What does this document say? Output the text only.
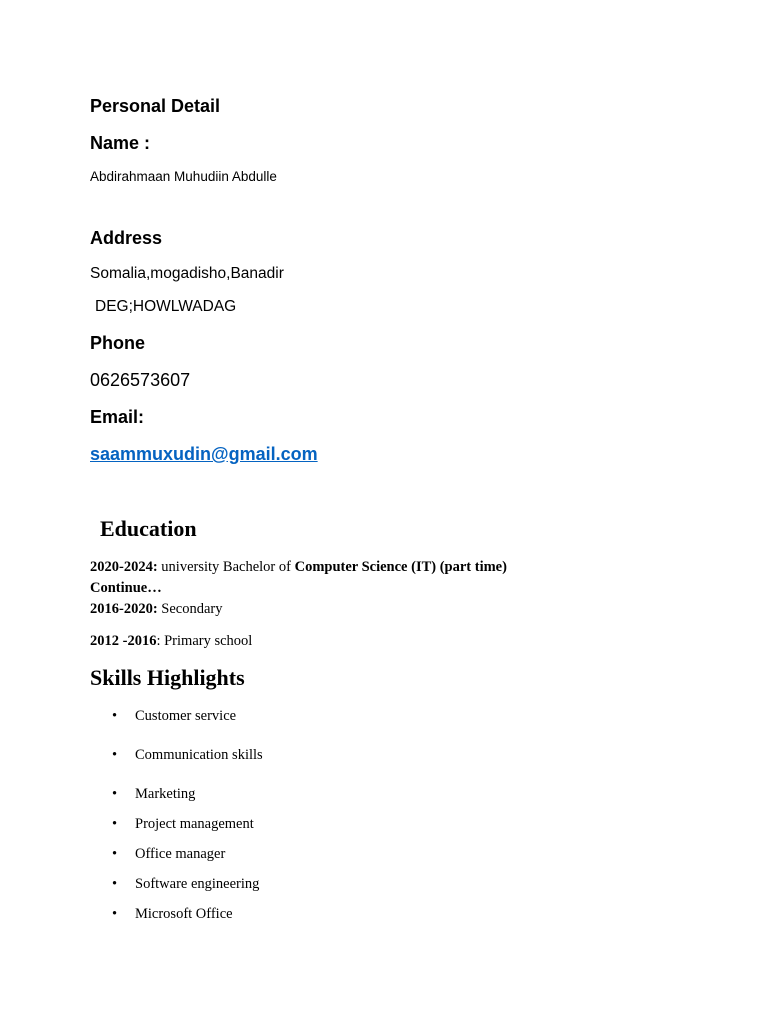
Personal Detail
Name :
Abdirahmaan Muhudiin Abdulle
Address
Somalia,mogadisho,Banadir
DEG;HOWLWADAG
Phone
0626573607
Email:
saammuxudin@gmail.com
Education
2020-2024: university Bachelor of Computer Science (IT) (part time)
Continue…
2016-2020: Secondary
2012 -2016: Primary school
Skills Highlights
• Customer service
• Communication skills
• Marketing
• Project management
• Office manager
• Software engineering
• Microsoft Office
